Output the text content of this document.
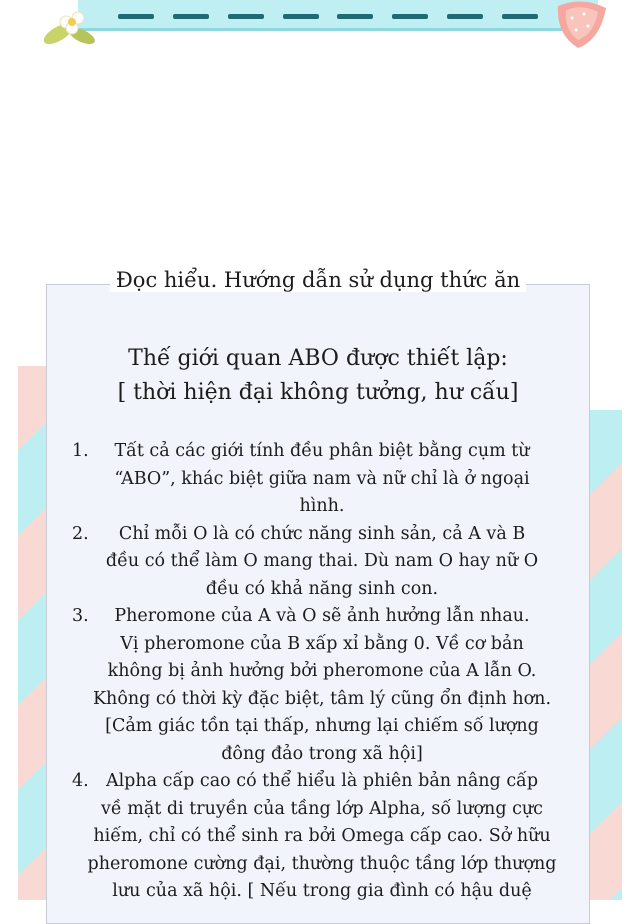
Đọc hiểu. Hướng dẫn sử dụng thức ăn
Thế giới quan ABO được thiết lập:
[ thời hiện đại không tưởng, hư cấu]
1.	Tất cả các giới tính đều phân biệt bằng cụm từ
“ABO”, khác biệt giữa nam và nữ chỉ là ở ngoại
hình.
2.	Chỉ mỗi O là có chức năng sinh sản, cả A và B
đều có thể làm O mang thai. Dù nam O hay nữ O
đều có khả năng sinh con.
3.	Pheromone của A và O sẽ ảnh hưởng lẫn nhau.
Vị pheromone của B xấp xỉ bằng 0. Về cơ bản
không bị ảnh hưởng bởi pheromone của A lẫn O.
Không có thời kỳ đặc biệt, tâm lý cũng ổn định hơn.
[Cảm giác tồn tại thấp, nhưng lại chiếm số lượng
đông đảo trong xã hội]
4. Alpha cấp cao có thể hiểu là phiên bản nâng cấp
về mặt di truyền của tầng lớp Alpha, số lượng cực
hiếm, chỉ có thể sinh ra bởi Omega cấp cao. Sở hữu
pheromone cường đại, thường thuộc tầng lớp thượng
lưu của xã hội. [ Nếu trong gia đình có hậu duệ
